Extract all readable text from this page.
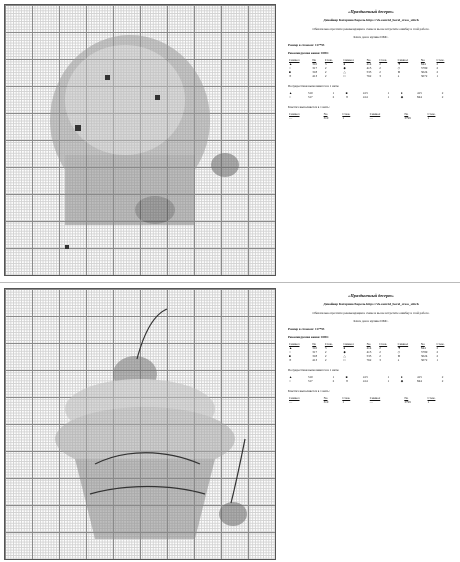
«Праздничный десерт»
Дизайнер Катерина Борель https://vk.com/id_borel_cross_stitch
Обязательно прочтите рекомендации к схеме и вы не встретите ошибку в этой работе.
Ключ дан в мулине DMC.
Размер в стежках: 117*93
Рекомендуемая канва: DMC
Символ	No	Стеж.	Символ	No	Стеж.	Символ	No	Стеж.
▲	310	3	●	414	2	▼	844	2
○	317	2	◆	415	2	◇	3799	2
■	318	2	△	535	2	★	3024	2
✕	413	2	□	762	3	◐	3072	1
Полукрестики выполняются в 1 нить:
▲	310	1	■	413	1	●	415	2
○	317	2	✕	414	1	◆	844	2
Бэкстич выполняется в 1 нить:
Символ	No	Стеж.	Символ	No	Стеж.
—	310	1	—	3799	1
«Праздничный десерт»
Дизайнер Катерина Борель https://vk.com/id_borel_cross_stitch
Обязательно прочтите рекомендации к схеме и вы не встретите ошибку в этой работе.
Ключ дан в мулине DMC.
Размер в стежках: 117*93
Рекомендуемая канва: DMC
Символ	No	Стеж.	Символ	No	Стеж.	Символ	No	Стеж.
▲	310	3	●	414	2	▼	844	2
○	317	2	◆	415	2	◇	3799	2
■	318	2	△	535	2	★	3024	2
✕	413	2	□	762	3	◐	3072	1
Полукрестики выполняются в 1 нить:
▲	310	1	■	413	1	●	415	2
○	317	2	✕	414	1	◆	844	2
Бэкстич выполняется в 1 нить:
Символ	No	Стеж.	Символ	No	Стеж.
—	310	1	—	3799	1
